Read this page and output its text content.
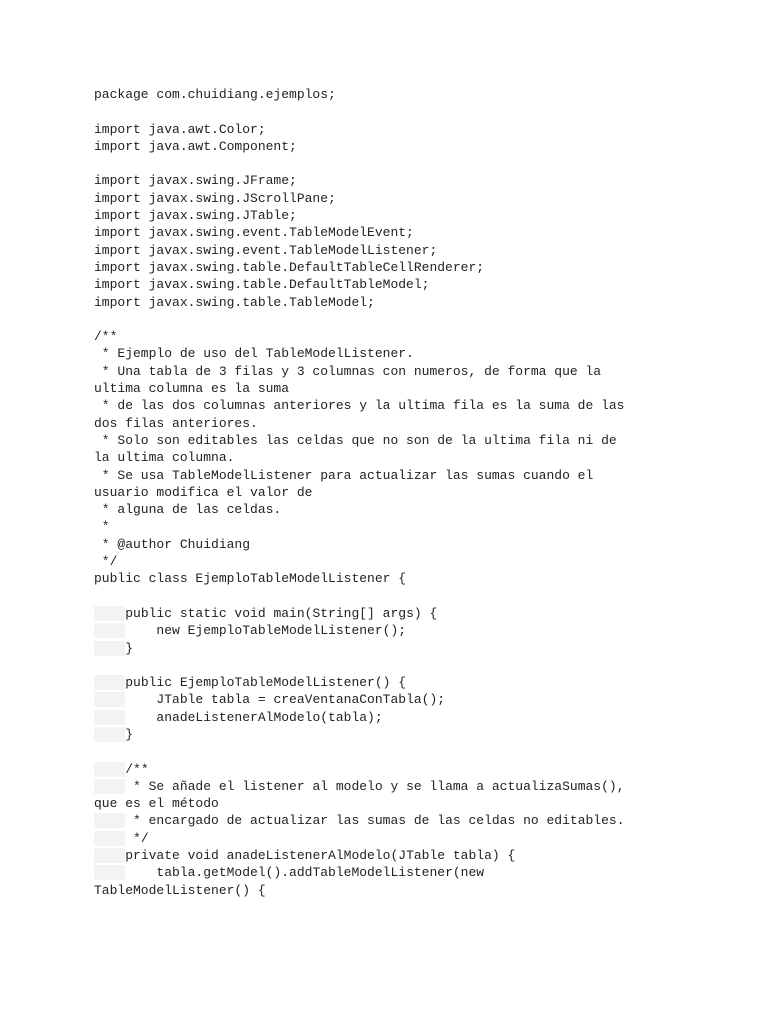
package com.chuidiang.ejemplos;
import java.awt.Color;
import java.awt.Component;
import javax.swing.JFrame;
import javax.swing.JScrollPane;
import javax.swing.JTable;
import javax.swing.event.TableModelEvent;
import javax.swing.event.TableModelListener;
import javax.swing.table.DefaultTableCellRenderer;
import javax.swing.table.DefaultTableModel;
import javax.swing.table.TableModel;
/**
* Ejemplo de uso del TableModelListener.
* Una tabla de 3 filas y 3 columnas con numeros, de forma que la
ultima columna es la suma
* de las dos columnas anteriores y la ultima fila es la suma de las
dos filas anteriores.
* Solo son editables las celdas que no son de la ultima fila ni de
la ultima columna.
* Se usa TableModelListener para actualizar las sumas cuando el
usuario modifica el valor de
* alguna de las celdas.
*
* @author Chuidiang
*/
public class EjemploTableModelListener {
public static void main(String[] args) {
new EjemploTableModelListener();
}
public EjemploTableModelListener() {
JTable tabla = creaVentanaConTabla();
anadeListenerAlModelo(tabla);
}
/**
* Se añade el listener al modelo y se llama a actualizaSumas(),
que es el método
* encargado de actualizar las sumas de las celdas no editables.
*/
private void anadeListenerAlModelo(JTable tabla) {
tabla.getModel().addTableModelListener(new
TableModelListener() {
